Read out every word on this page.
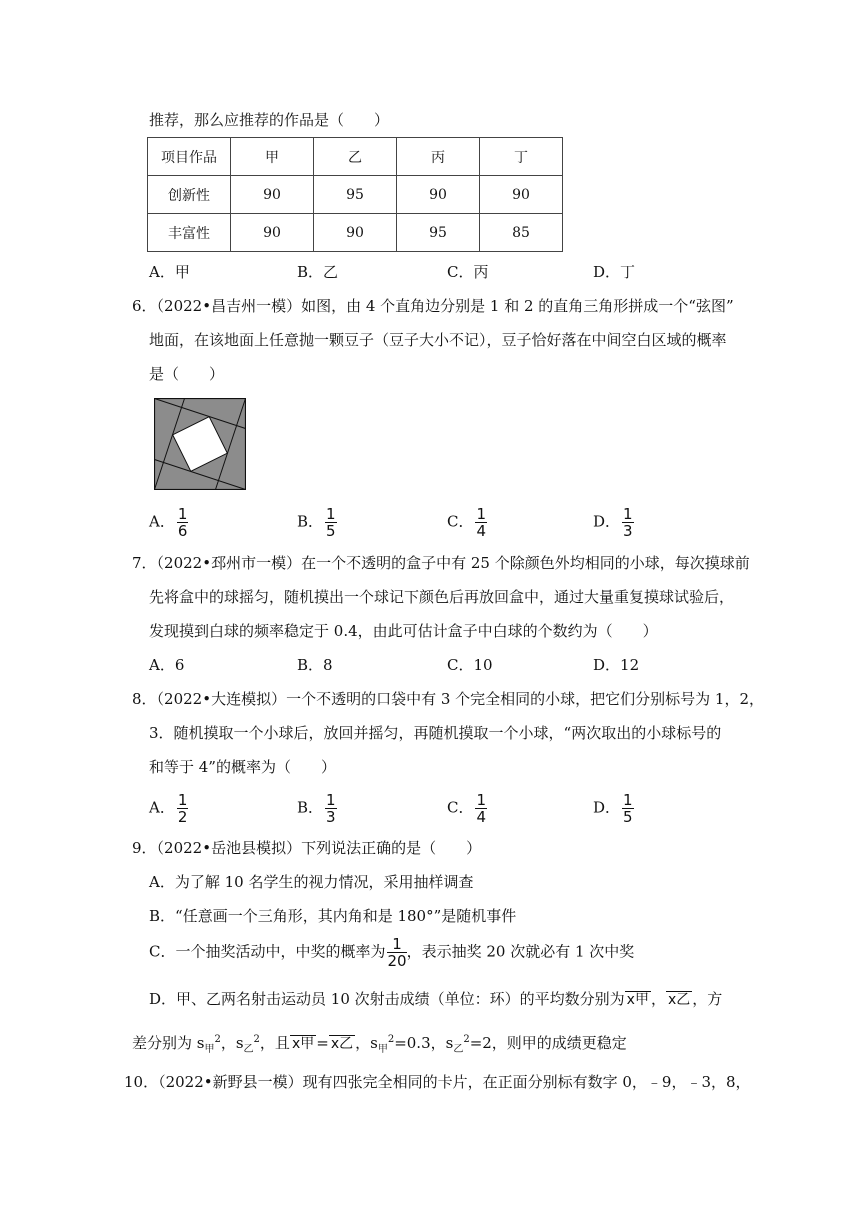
推荐，那么应推荐的作品是（　　）
项目作品	甲	乙	丙	丁
创新性	90	95	90	90
丰富性	90	90	95	85
A．甲	B．乙	C．丙	D．丁
6．（2022•昌吉州一模）如图，由 4 个直角边分别是 1 和 2 的直角三角形拼成一个“弦图”
地面，在该地面上任意抛一颗豆子（豆子大小不记），豆子恰好落在中间空白区域的概率
是（　　）
A． $\frac{1}{6}$	B． $\frac{1}{5}$	C． $\frac{1}{4}$	D． $\frac{1}{3}$
7．（2022•邳州市一模）在一个不透明的盒子中有 25 个除颜色外均相同的小球，每次摸球前
先将盒中的球摇匀，随机摸出一个球记下颜色后再放回盒中，通过大量重复摸球试验后，
发现摸到白球的频率稳定于 0.4，由此可估计盒子中白球的个数约为（　　）
A．6	B．8	C．10	D．12
8．（2022•大连模拟）一个不透明的口袋中有 3 个完全相同的小球，把它们分别标号为 1，2，
3．随机摸取一个小球后，放回并摇匀，再随机摸取一个小球，“两次取出的小球标号的
和等于 4”的概率为（　　）
A． $\frac{1}{2}$	B． $\frac{1}{3}$	C． $\frac{1}{4}$	D． $\frac{1}{5}$
9．（2022•岳池县模拟）下列说法正确的是（　　）
A．为了解 10 名学生的视力情况，采用抽样调查
B．“任意画一个三角形，其内角和是 180°”是随机事件
C．一个抽奖活动中，中奖的概率为 $\frac{1}{20}$ ，表示抽奖 20 次就必有 1 次中奖
D．甲、乙两名射击运动员 10 次射击成绩（单位：环）的平均数分别为 x甲 ， x乙 ，方
差分别为 $s_甲^2$，$s_乙^2$，且 x甲 = x乙 ，$s_甲^2=0.3$，$s_乙^2=2$，则甲的成绩更稳定
10．（2022•新野县一模）现有四张完全相同的卡片，在正面分别标有数字 0，﹣9，﹣3，8，
